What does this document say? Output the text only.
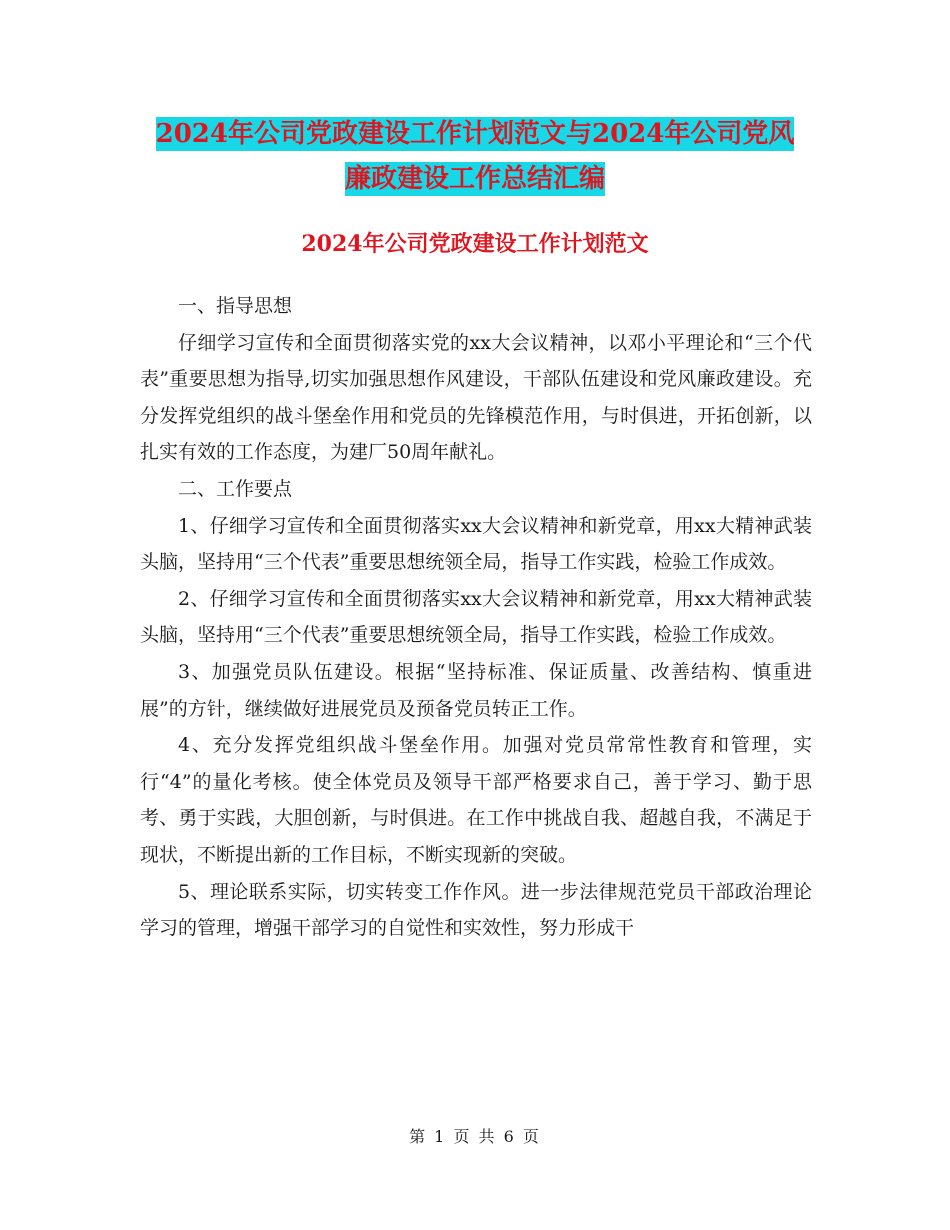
2024年公司党政建设工作计划范文与2024年公司党风
廉政建设工作总结汇编
2024年公司党政建设工作计划范文

一、指导思想

仔细学习宣传和全面贯彻落实党的xx大会议精神，以邓小平理论和“三个代表”重要思想为指导,切实加强思想作风建设，干部队伍建设和党风廉政建设。充分发挥党组织的战斗堡垒作用和党员的先锋模范作用，与时俱进，开拓创新，以扎实有效的工作态度，为建厂50周年献礼。

二、工作要点

1、仔细学习宣传和全面贯彻落实xx大会议精神和新党章，用xx大精神武装头脑，坚持用“三个代表”重要思想统领全局，指导工作实践，检验工作成效。

2、仔细学习宣传和全面贯彻落实xx大会议精神和新党章，用xx大精神武装头脑，坚持用“三个代表”重要思想统领全局，指导工作实践，检验工作成效。

3、加强党员队伍建设。根据“坚持标准、保证质量、改善结构、慎重进展”的方针，继续做好进展党员及预备党员转正工作。

4、充分发挥党组织战斗堡垒作用。加强对党员常常性教育和管理，实行“4”的量化考核。使全体党员及领导干部严格要求自己，善于学习、勤于思考、勇于实践，大胆创新，与时俱进。在工作中挑战自我、超越自我，不满足于现状，不断提出新的工作目标，不断实现新的突破。

5、理论联系实际，切实转变工作作风。进一步法律规范党员干部政治理论学习的管理，增强干部学习的自觉性和实效性，努力形成干

第 1 页 共 6 页
